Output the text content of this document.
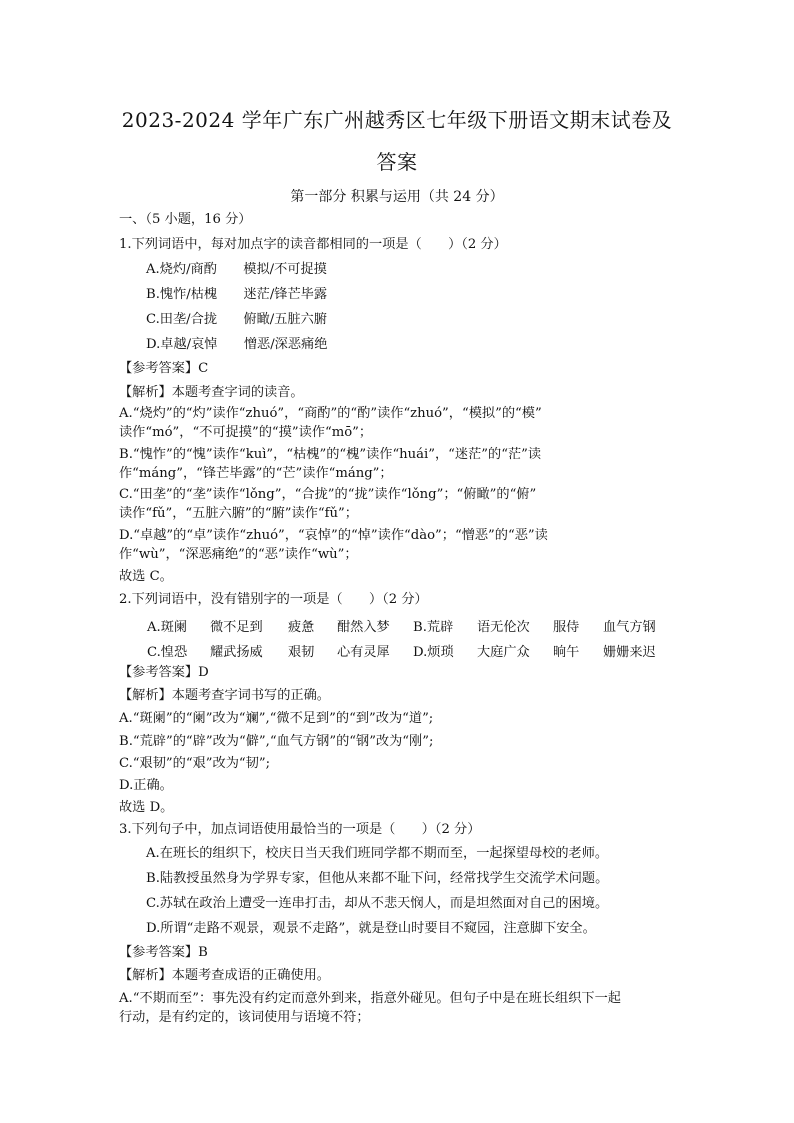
2023-2024 学年广东广州越秀区七年级下册语文期末试卷及
答案
第一部分 积累与运用（共 24 分）
一、（5 小题，16 分）
1.下列词语中，每对加点字的读音都相同的一项是（　　）（2 分）
A.烧灼/商酌　　模拟/不可捉摸
B.愧怍/枯槐　　迷茫/锋芒毕露
C.田垄/合拢　　俯瞰/五脏六腑
D.卓越/哀悼　　憎恶/深恶痛绝
【参考答案】C
【解析】本题考查字词的读音。
A.“烧灼”的“灼”读作“zhuó”，“商酌”的“酌”读作“zhuó”，“模拟”的“模”
读作“mó”，“不可捉摸”的“摸”读作“mō”；
B.“愧怍”的“愧”读作“kuì”，“枯槐”的“槐”读作“huái”，“迷茫”的“茫”读
作“máng”，“锋芒毕露”的“芒”读作“máng”；
C.“田垄”的“垄”读作“lǒng”，“合拢”的“拢”读作“lǒng”；“俯瞰”的“俯”
读作“fǔ”，“五脏六腑”的“腑”读作“fǔ”；
D.“卓越”的“卓”读作“zhuó”，“哀悼”的“悼”读作“dào”；“憎恶”的“恶”读
作“wù”，“深恶痛绝”的“恶”读作“wù”；
故选 C。
2.下列词语中，没有错别字的一项是（　　）（2 分）
A.斑阑 微不足到 疲惫 酣然入梦 B.荒辟 语无伦次 服侍 血气方钢
C.惶恐 耀武扬威 艰韧 心有灵犀 D.烦琐 大庭广众 晌午 姗姗来迟
【参考答案】D
【解析】本题考查字词书写的正确。
A.“斑阑”的“阑”改为“斓”,“微不足到”的“到”改为“道”;
B.“荒辟”的“辟”改为“僻”,“血气方钢”的“钢”改为“刚”;
C.“艰韧”的“艰”改为“韧”;
D.正确。
故选 D。
3.下列句子中，加点词语使用最恰当的一项是（　　）（2 分）
A.在班长的组织下，校庆日当天我们班同学都不期而至，一起探望母校的老师。
B.陆教授虽然身为学界专家，但他从来都不耻下问，经常找学生交流学术问题。
C.苏轼在政治上遭受一连串打击，却从不悲天悯人，而是坦然面对自己的困境。
D.所谓“走路不观景，观景不走路”，就是登山时要目不窥园，注意脚下安全。
【参考答案】B
【解析】本题考查成语的正确使用。
A.“不期而至”：事先没有约定而意外到来，指意外碰见。但句子中是在班长组织下一起
行动，是有约定的，该词使用与语境不符；
